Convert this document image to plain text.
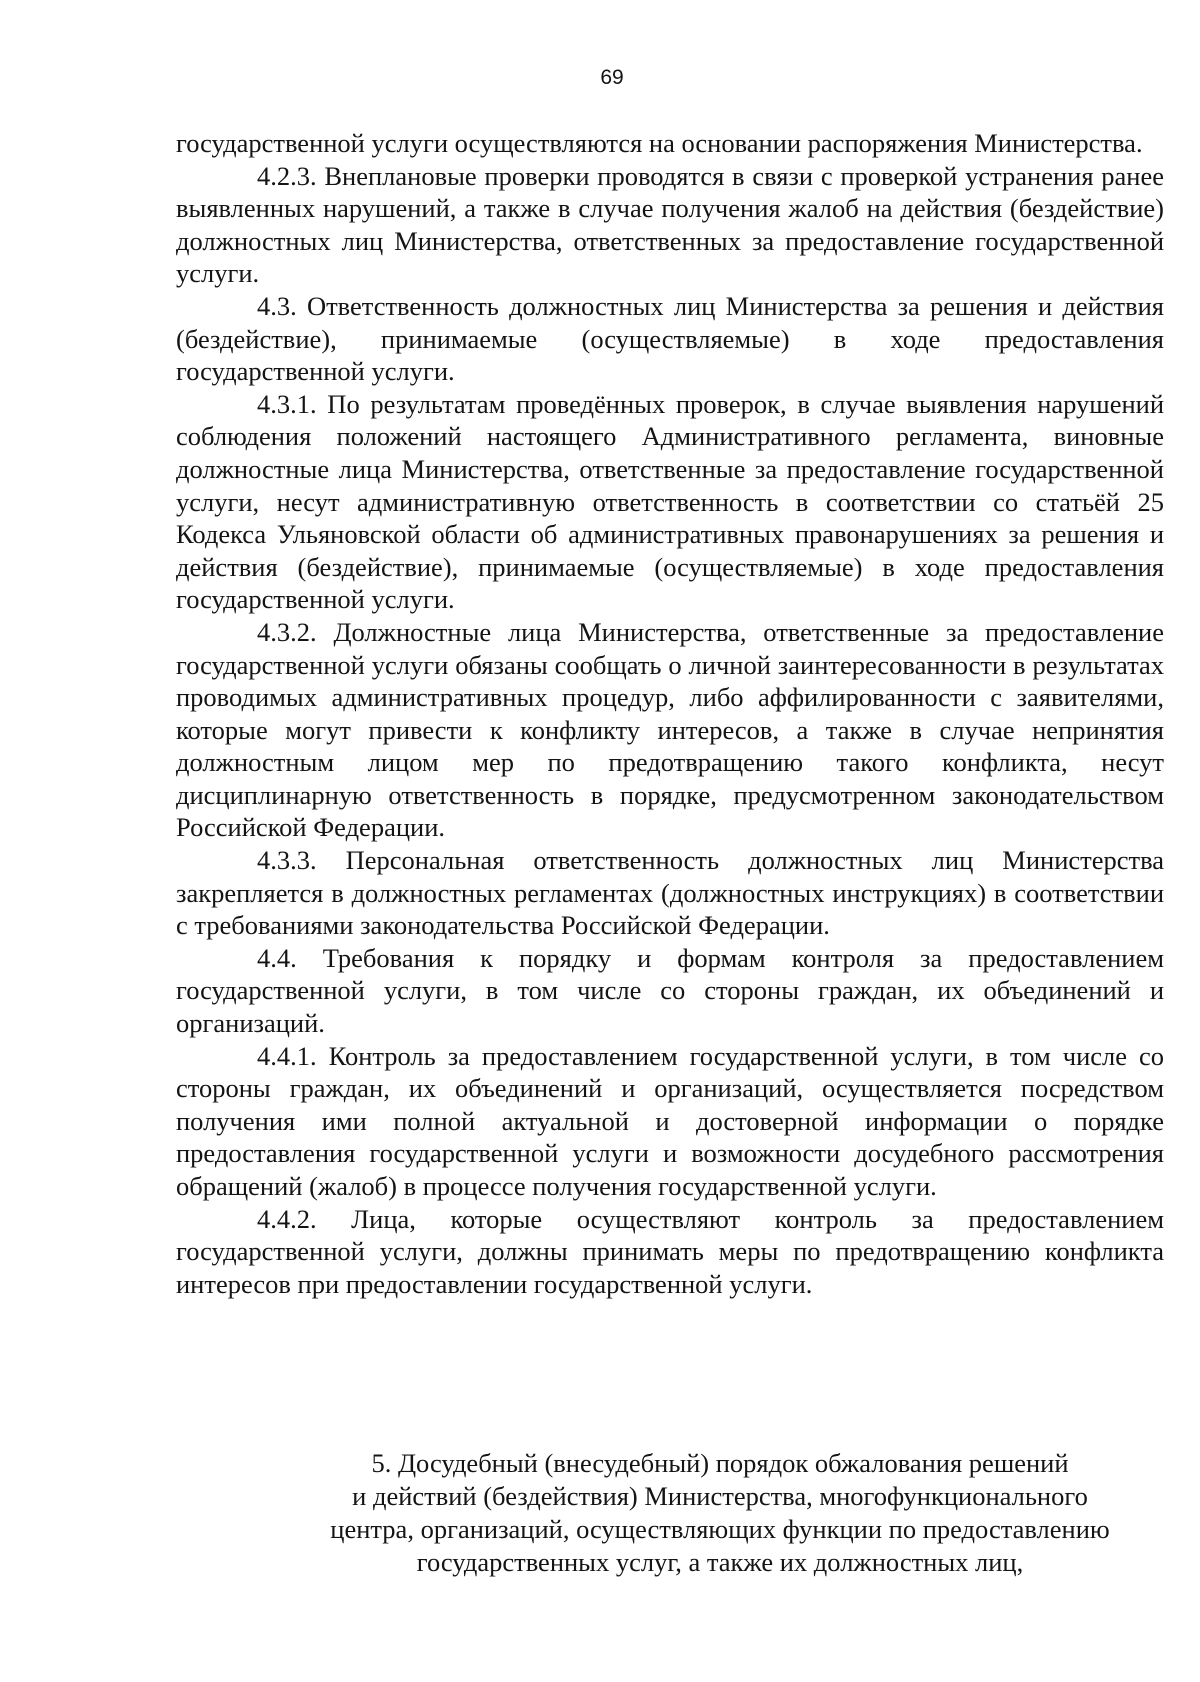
69

государственной услуги осуществляются на основании распоряжения Министерства.

4.2.3. Внеплановые проверки проводятся в связи с проверкой устранения ранее выявленных нарушений, а также в случае получения жалоб на действия (бездействие) должностных лиц Министерства, ответственных за предоставление государственной услуги.

4.3. Ответственность должностных лиц Министерства за решения и действия (бездействие), принимаемые (осуществляемые) в ходе предоставления государственной услуги.

4.3.1. По результатам проведённых проверок, в случае выявления нарушений соблюдения положений настоящего Административного регламента, виновные должностные лица Министерства, ответственные за предоставление государственной услуги, несут административную ответственность в соответствии со статьёй 25 Кодекса Ульяновской области об административных правонарушениях за решения и действия (бездействие), принимаемые (осуществляемые) в ходе предоставления государственной услуги.

4.3.2. Должностные лица Министерства, ответственные за предоставление государственной услуги обязаны сообщать о личной заинтересованности в результатах проводимых административных процедур, либо аффилированности с заявителями, которые могут привести к конфликту интересов, а также в случае непринятия должностным лицом мер по предотвращению такого конфликта, несут дисциплинарную ответственность в порядке, предусмотренном законодательством Российской Федерации.

4.3.3. Персональная ответственность должностных лиц Министерства закрепляется в должностных регламентах (должностных инструкциях) в соответствии с требованиями законодательства Российской Федерации.

4.4. Требования к порядку и формам контроля за предоставлением государственной услуги, в том числе со стороны граждан, их объединений и организаций.

4.4.1. Контроль за предоставлением государственной услуги, в том числе со стороны граждан, их объединений и организаций, осуществляется посредством получения ими полной актуальной и достоверной информации о порядке предоставления государственной услуги и возможности досудебного рассмотрения обращений (жалоб) в процессе получения государственной услуги.

4.4.2. Лица, которые осуществляют контроль за предоставлением государственной услуги, должны принимать меры по предотвращению конфликта интересов при предоставлении государственной услуги.

5. Досудебный (внесудебный) порядок обжалования решений
и действий (бездействия) Министерства, многофункционального
центра, организаций, осуществляющих функции по предоставлению
государственных услуг, а также их должностных лиц,
